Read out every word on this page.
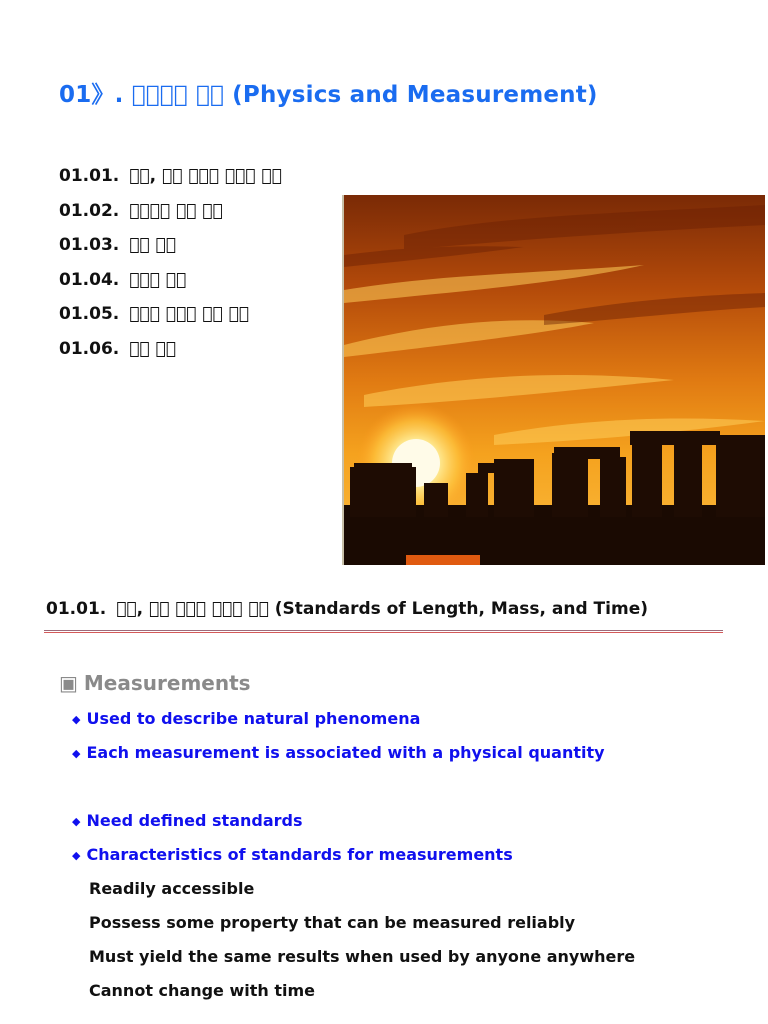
01》.         (Physics and Measurement)
01.01.   ,              
01.02.           
01.03.      
01.04.       
01.05.              
01.06.      
01.01.   ,               (Standards of Length, Mass, and Time)
▣ Measurements
◆ Used to describe natural phenomena
◆ Each measurement is associated with a physical quantity
◆ Need defined standards
◆ Characteristics of standards for measurements
Readily accessible
Possess some property that can be measured reliably
Must yield the same results when used by anyone anywhere
Cannot change with time
